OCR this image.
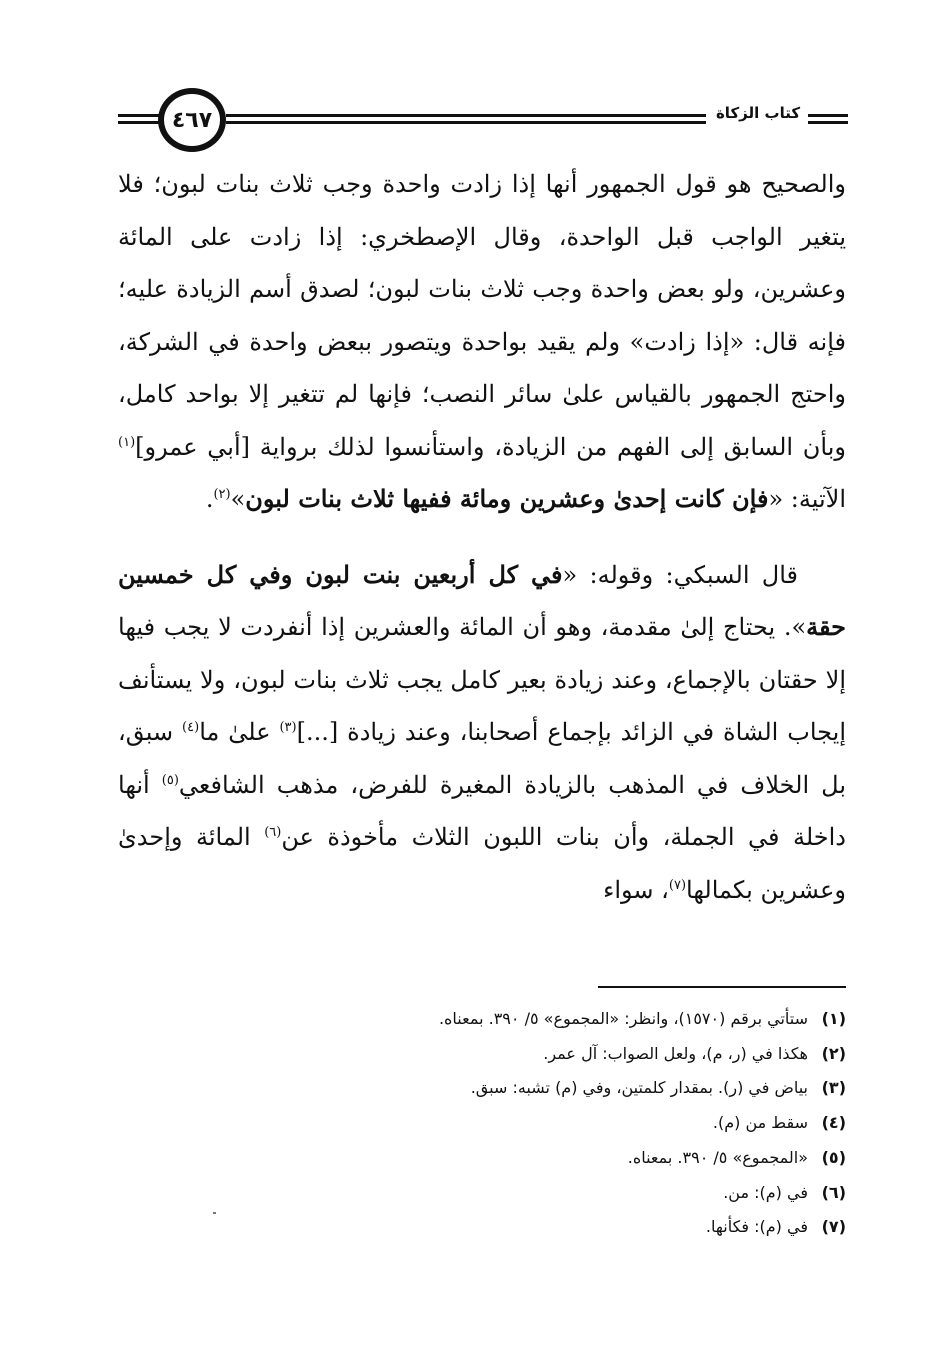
٤٦٧	كتاب الزكاة

والصحيح هو قول الجمهور أنها إذا زادت واحدة وجب ثلاث بنات لبون؛ فلا يتغير الواجب قبل الواحدة، وقال الإصطخري: إذا زادت على المائة وعشرين، ولو بعض واحدة وجب ثلاث بنات لبون؛ لصدق أسم الزيادة عليه؛ فإنه قال: «إذا زادت» ولم يقيد بواحدة ويتصور ببعض واحدة في الشركة، واحتج الجمهور بالقياس علىٰ سائر النصب؛ فإنها لم تتغير إلا بواحد كامل، وبأن السابق إلى الفهم من الزيادة، واستأنسوا لذلك برواية [أبي عمرو]$^{(١)}$ الآتية: «فإن كانت إحدىٰ وعشرين ومائة ففيها ثلاث بنات لبون»$^{(٢)}$.

قال السبكي: وقوله: «في كل أربعين بنت لبون وفي كل خمسين حقة». يحتاج إلىٰ مقدمة، وهو أن المائة والعشرين إذا أنفردت لا يجب فيها إلا حقتان بالإجماع، وعند زيادة بعير كامل يجب ثلاث بنات لبون، ولا يستأنف إيجاب الشاة في الزائد بإجماع أصحابنا، وعند زيادة [...]$^{(٣)}$ علىٰ ما$^{(٤)}$ سبق، بل الخلاف في المذهب بالزيادة المغيرة للفرض، مذهب الشافعي$^{(٥)}$ أنها داخلة في الجملة، وأن بنات اللبون الثلاث مأخوذة عن$^{(٦)}$ المائة وإحدىٰ وعشرين بكمالها$^{(٧)}$، سواء

(١)ستأتي برقم (١٥٧٠)، وانظر: «المجموع» ٥/ ٣٩٠. بمعناه.
(٢)هكذا في (ر، م)، ولعل الصواب: آل عمر.
(٣)بياض في (ر). بمقدار كلمتين، وفي (م) تشبه: سبق.
(٤)سقط من (م).
(٥)«المجموع» ٥/ ٣٩٠. بمعناه.
(٦)في (م): من.
(٧)في (م): فكأنها.
